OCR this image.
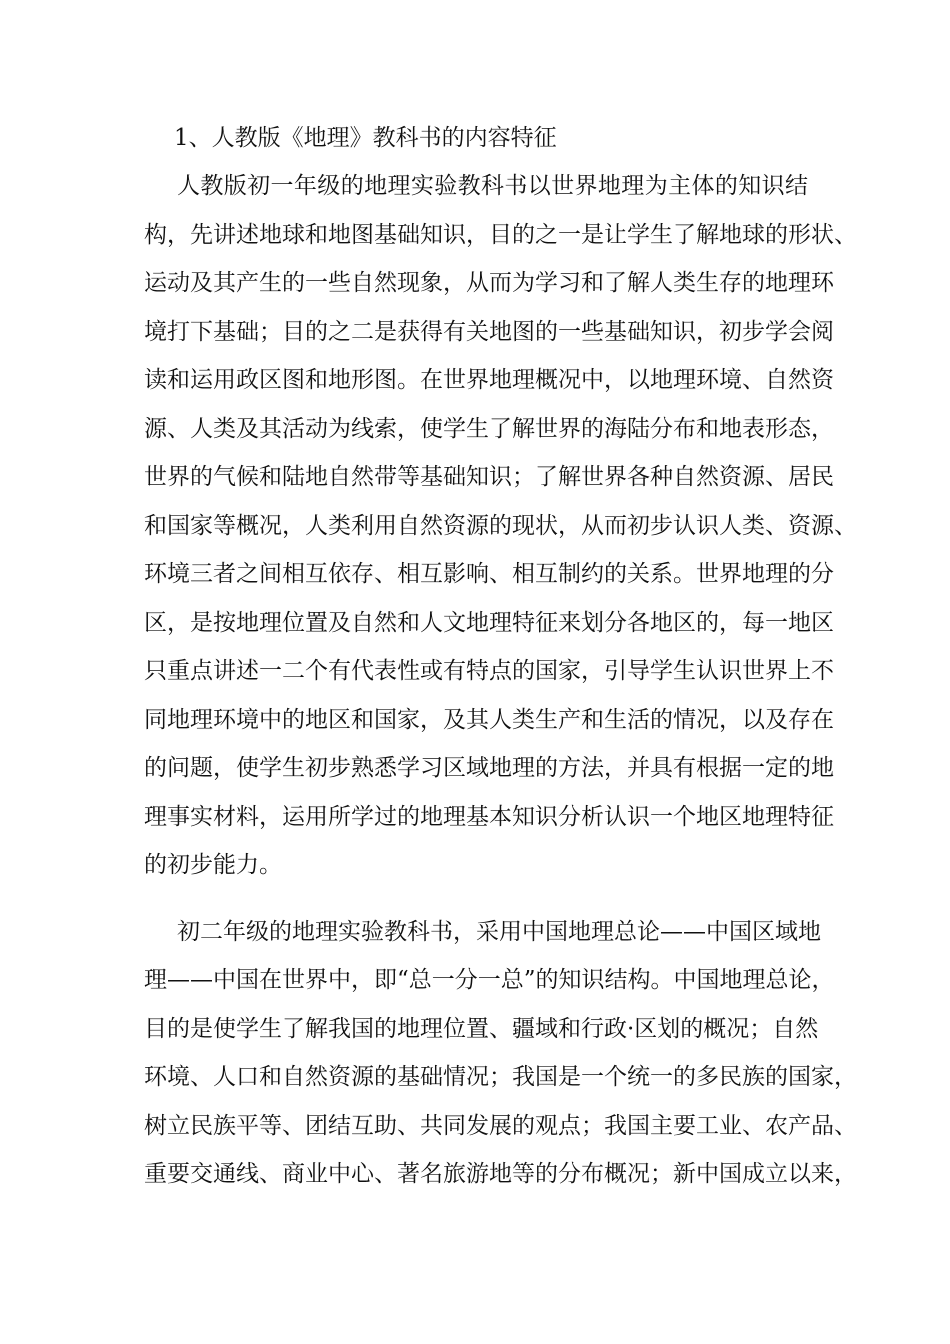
1、人教版《地理》教科书的内容特征
人教版初一年级的地理实验教科书以世界地理为主体的知识结
构，先讲述地球和地图基础知识，目的之一是让学生了解地球的形状、
运动及其产生的一些自然现象，从而为学习和了解人类生存的地理环
境打下基础；目的之二是获得有关地图的一些基础知识，初步学会阅
读和运用政区图和地形图。在世界地理概况中，以地理环境、自然资
源、人类及其活动为线索，使学生了解世界的海陆分布和地表形态，
世界的气候和陆地自然带等基础知识；了解世界各种自然资源、居民
和国家等概况，人类利用自然资源的现状，从而初步认识人类、资源、
环境三者之间相互依存、相互影响、相互制约的关系。世界地理的分
区，是按地理位置及自然和人文地理特征来划分各地区的，每一地区
只重点讲述一二个有代表性或有特点的国家，引导学生认识世界上不
同地理环境中的地区和国家，及其人类生产和生活的情况，以及存在
的问题，使学生初步熟悉学习区域地理的方法，并具有根据一定的地
理事实材料，运用所学过的地理基本知识分析认识一个地区地理特征
的初步能力。
初二年级的地理实验教科书，采用中国地理总论——中国区域地
理——中国在世界中，即“总一分一总”的知识结构。中国地理总论，
目的是使学生了解我国的地理位置、疆域和行政·区划的概况；自然
环境、人口和自然资源的基础情况；我国是一个统一的多民族的国家，
树立民族平等、团结互助、共同发展的观点；我国主要工业、农产品、
重要交通线、商业中心、著名旅游地等的分布概况；新中国成立以来，
